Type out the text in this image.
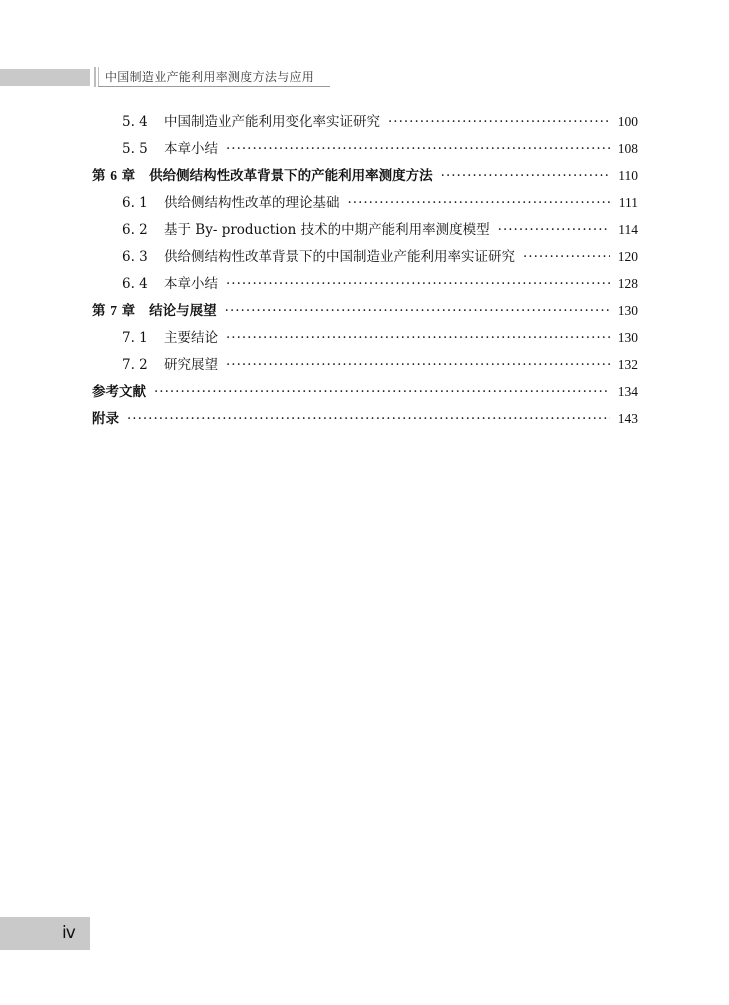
中国制造业产能利用率测度方法与应用
5. 4	中国制造业产能利用变化率实证研究 ·····	100
5. 5	本章小结 ·····	108
第 6 章	供给侧结构性改革背景下的产能利用率测度方法 ·····	110
6. 1	供给侧结构性改革的理论基础 ·····	111
6. 2	基于 By- production 技术的中期产能利用率测度模型 ·····	114
6. 3	供给侧结构性改革背景下的中国制造业产能利用率实证研究 ·····	120
6. 4	本章小结 ·····	128
第 7 章	结论与展望 ·····	130
7. 1	主要结论 ·····	130
7. 2	研究展望 ·····	132
参考文献 ·····	134
附录 ·····	143
ⅳ
